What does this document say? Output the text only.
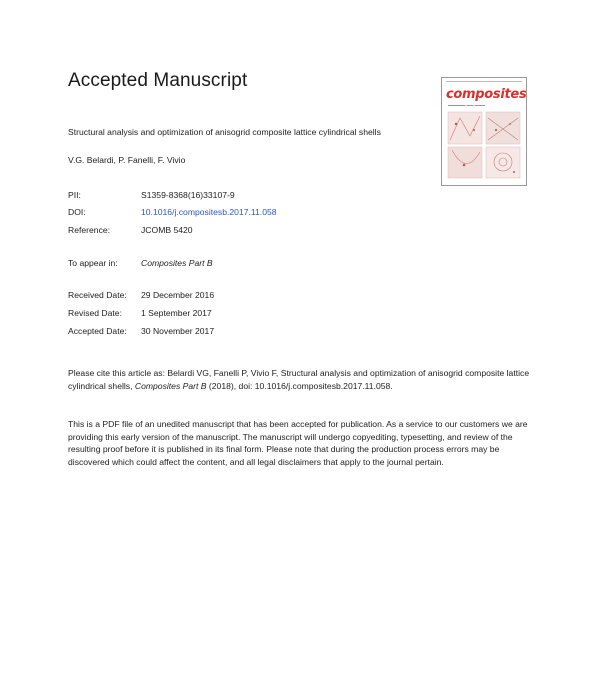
Accepted Manuscript
Structural analysis and optimization of anisogrid composite lattice cylindrical shells
V.G. Belardi, P. Fanelli, F. Vivio
PII:	S1359-8368(16)33107-9
DOI:	10.1016/j.compositesb.2017.11.058
Reference:	JCOMB 5420
To appear in:	Composites Part B
Received Date: 29 December 2016
Revised Date: 1 September 2017
Accepted Date: 30 November 2017
Please cite this article as: Belardi VG, Fanelli P, Vivio F, Structural analysis and optimization of anisogrid composite lattice cylindrical shells, Composites Part B (2018), doi: 10.1016/j.compositesb.2017.11.058.
This is a PDF file of an unedited manuscript that has been accepted for publication. As a service to our customers we are providing this early version of the manuscript. The manuscript will undergo copyediting, typesetting, and review of the resulting proof before it is published in its final form. Please note that during the production process errors may be discovered which could affect the content, and all legal disclaimers that apply to the journal pertain.
composites
▬▬▬▬▬ ▬▬ ▬▬▬
